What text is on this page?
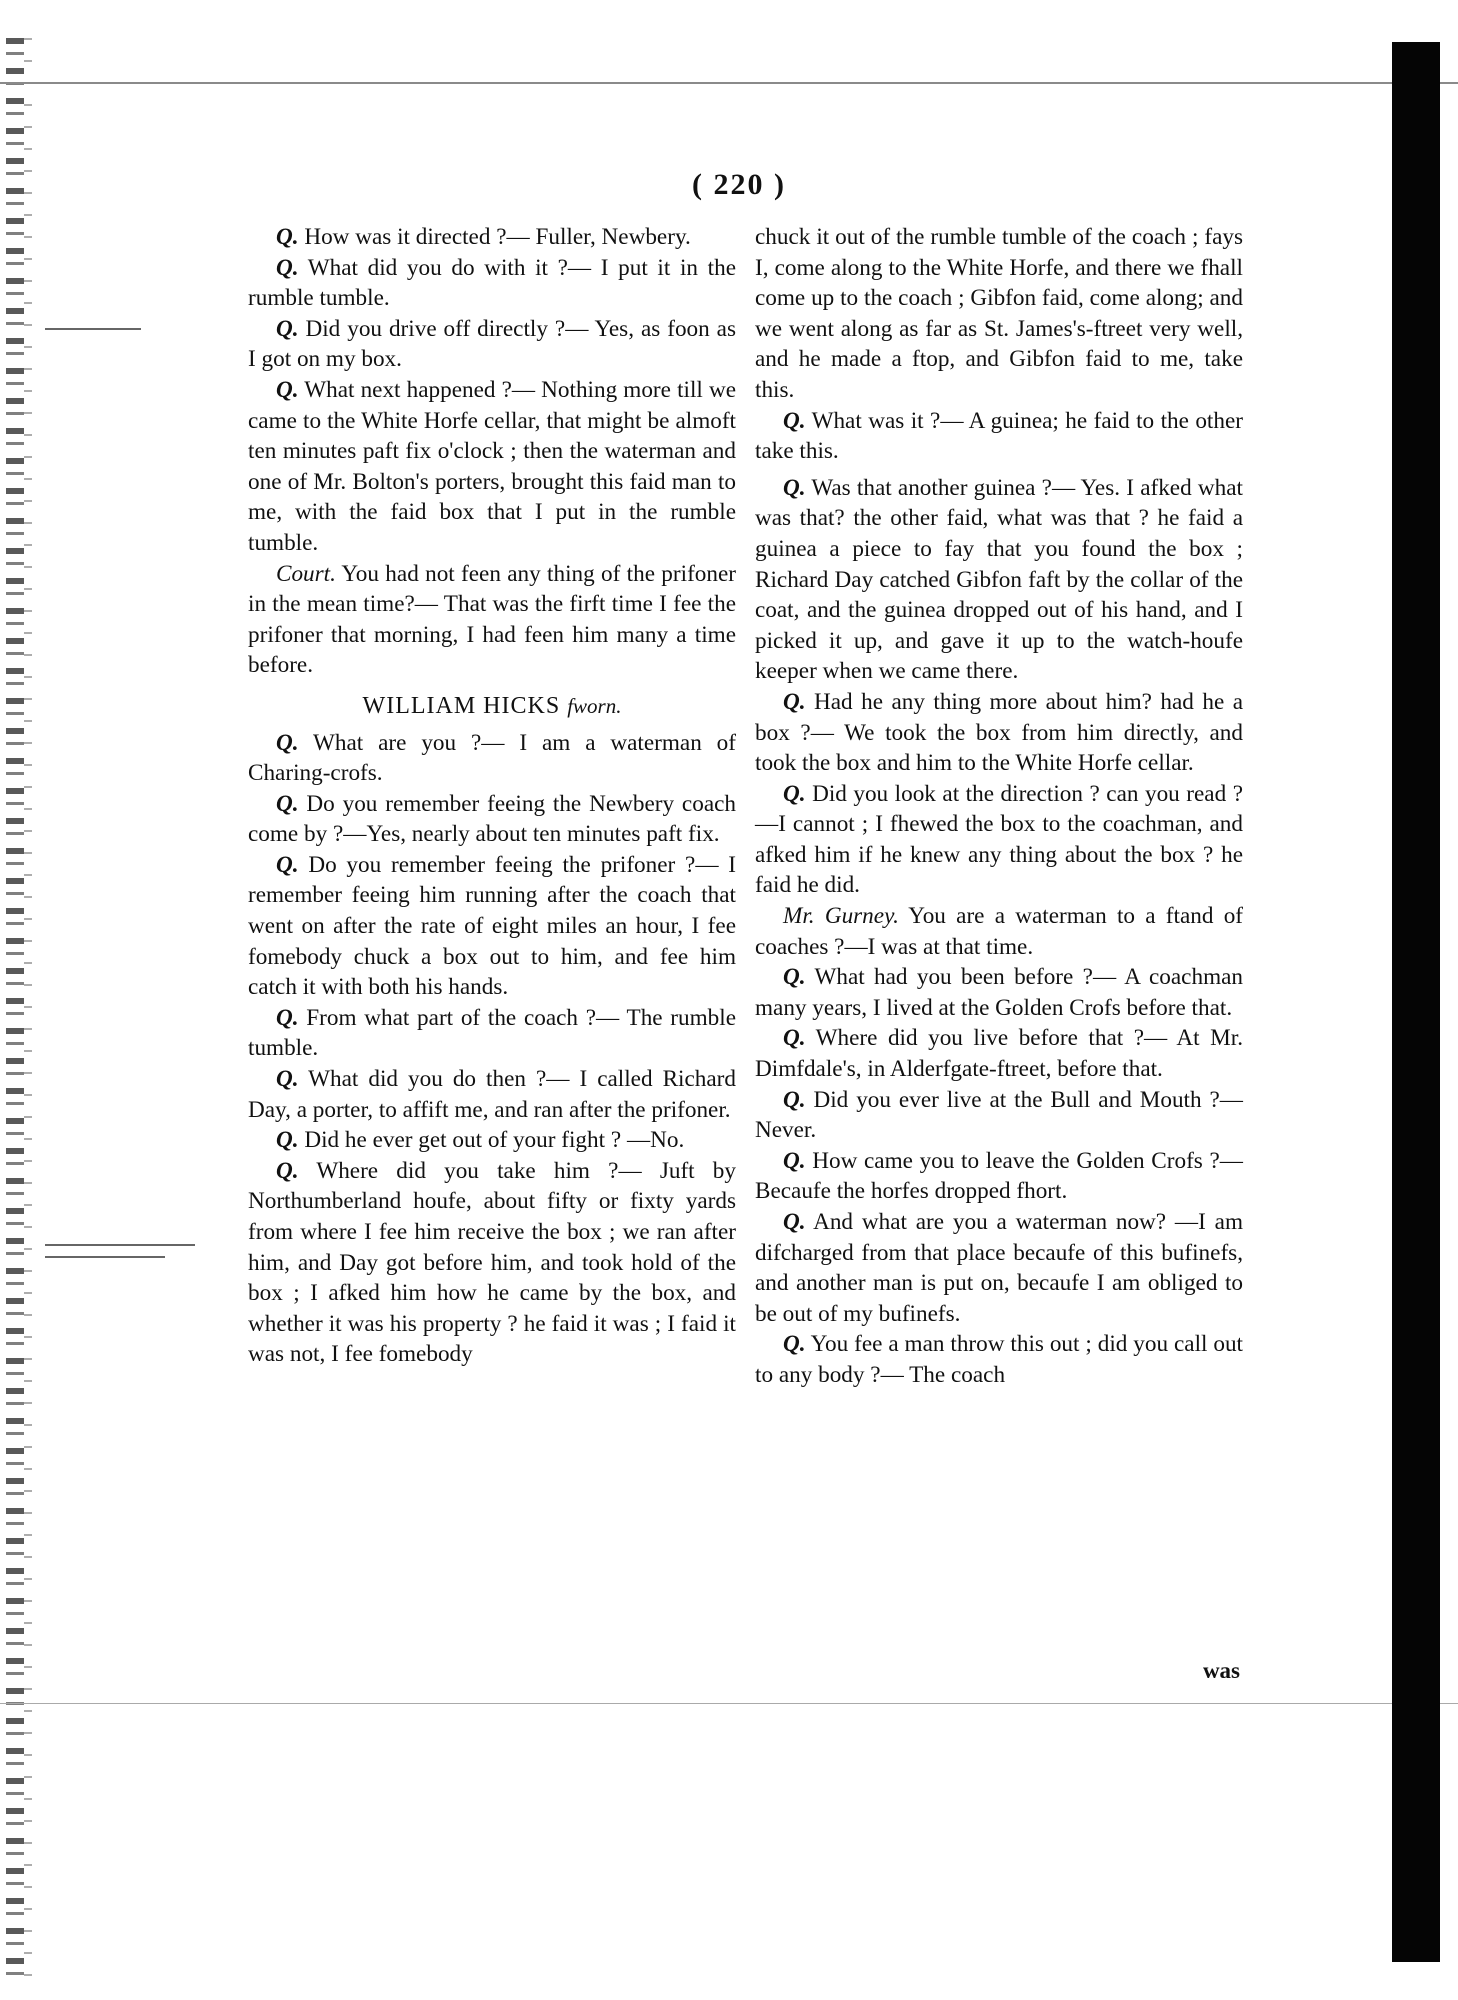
( 220 )

Q. How was it directed ?— Fuller, Newbery.

Q. What did you do with it ?— I put it in the rumble tumble.

Q. Did you drive off directly ?— Yes, as foon as I got on my box.

Q. What next happened ?— Nothing more till we came to the White Horfe cellar, that might be almoft ten minutes paft fix o'clock ; then the waterman and one of Mr. Bolton's porters, brought this faid man to me, with the faid box that I put in the rumble tumble.

Court. You had not feen any thing of the prifoner in the mean time?— That was the firft time I fee the prifoner that morning, I had feen him many a time before.

WILLIAM HICKS fworn.

Q. What are you ?— I am a waterman of Charing-crofs.

Q. Do you remember feeing the Newbery coach come by ?—Yes, nearly about ten minutes paft fix.

Q. Do you remember feeing the prifoner ?— I remember feeing him running after the coach that went on after the rate of eight miles an hour, I fee fomebody chuck a box out to him, and fee him catch it with both his hands.

Q. From what part of the coach ?— The rumble tumble.

Q. What did you do then ?— I called Richard Day, a porter, to affift me, and ran after the prifoner.

Q. Did he ever get out of your fight ? —No.

Q. Where did you take him ?— Juft by Northumberland houfe, about fifty or fixty yards from where I fee him receive the box ; we ran after him, and Day got before him, and took hold of the box ; I afked him how he came by the box, and whether it was his property ? he faid it was ; I faid it was not, I fee fomebody

chuck it out of the rumble tumble of the coach ; fays I, come along to the White Horfe, and there we fhall come up to the coach ; Gibfon faid, come along; and we went along as far as St. James's-ftreet very well, and he made a ftop, and Gibfon faid to me, take this.

Q. What was it ?— A guinea; he faid to the other take this.

Q. Was that another guinea ?— Yes. I afked what was that? the other faid, what was that ? he faid a guinea a piece to fay that you found the box ; Richard Day catched Gibfon faft by the collar of the coat, and the guinea dropped out of his hand, and I picked it up, and gave it up to the watch-houfe keeper when we came there.

Q. Had he any thing more about him? had he a box ?— We took the box from him directly, and took the box and him to the White Horfe cellar.

Q. Did you look at the direction ? can you read ?—I cannot ; I fhewed the box to the coachman, and afked him if he knew any thing about the box ? he faid he did.

Mr. Gurney. You are a waterman to a ftand of coaches ?—I was at that time.

Q. What had you been before ?— A coachman many years, I lived at the Golden Crofs before that.

Q. Where did you live before that ?— At Mr. Dimfdale's, in Alderfgate-ftreet, before that.

Q. Did you ever live at the Bull and Mouth ?—Never.

Q. How came you to leave the Golden Crofs ?— Becaufe the horfes dropped fhort.

Q. And what are you a waterman now? —I am difcharged from that place becaufe of this bufinefs, and another man is put on, becaufe I am obliged to be out of my bufinefs.

Q. You fee a man throw this out ; did you call out to any body ?— The coach

was
